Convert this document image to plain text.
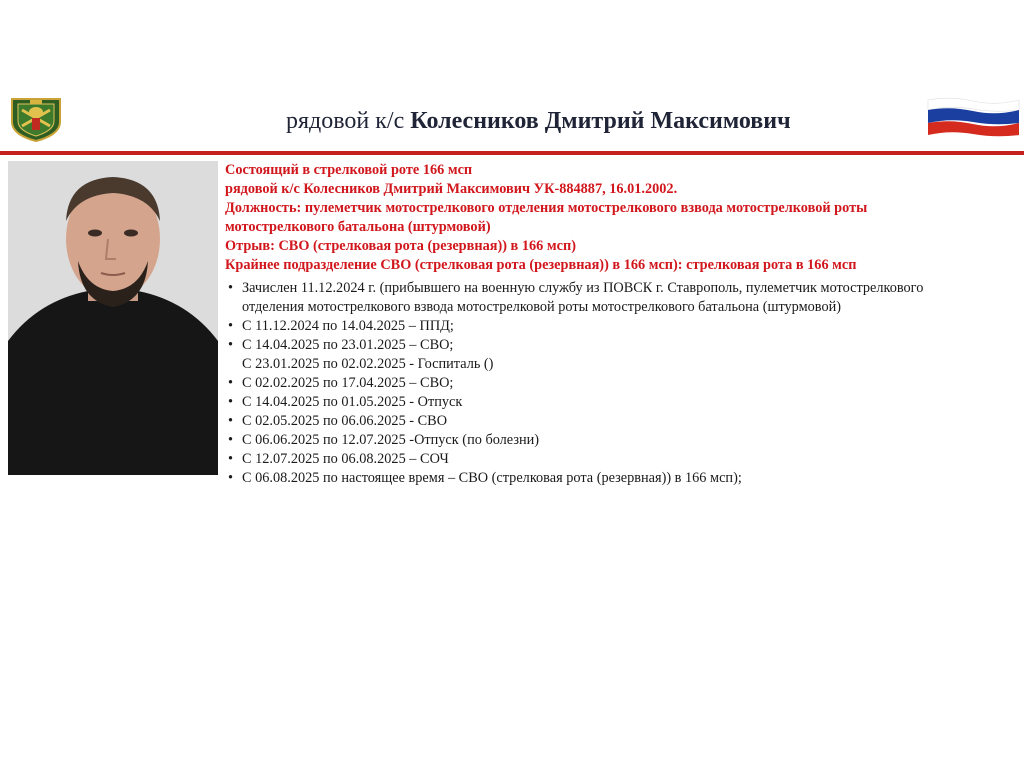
рядовой к/с Колесников Дмитрий Максимович
Состоящий в стрелковой роте 166 мсп
рядовой к/с Колесников Дмитрий Максимович УК-884887, 16.01.2002.
Должность: пулеметчик мотострелкового отделения мотострелкового взвода мотострелковой роты
мотострелкового батальона (штурмовой)
Отрыв: СВО (стрелковая рота (резервная)) в 166 мсп)
Крайнее подразделение СВО (стрелковая рота (резервная)) в 166 мсп): стрелковая рота в 166 мсп
• Зачислен 11.12.2024 г. (прибывшего на военную службу из ПОВСК г. Ставрополь, пулеметчик мотострелкового
отделения мотострелкового взвода мотострелковой роты мотострелкового батальона (штурмовой)
• С 11.12.2024 по 14.04.2025 – ППД;
• С 14.04.2025 по 23.01.2025 – СВО;
С 23.01.2025 по 02.02.2025 - Госпиталь ()
• С 02.02.2025 по 17.04.2025 – СВО;
• С 14.04.2025 по 01.05.2025 - Отпуск
• С 02.05.2025 по 06.06.2025 - СВО
• С 06.06.2025 по 12.07.2025 -Отпуск (по болезни)
• С 12.07.2025 по 06.08.2025 – СОЧ
• С 06.08.2025 по настоящее время – СВО (стрелковая рота (резервная)) в 166 мсп);
